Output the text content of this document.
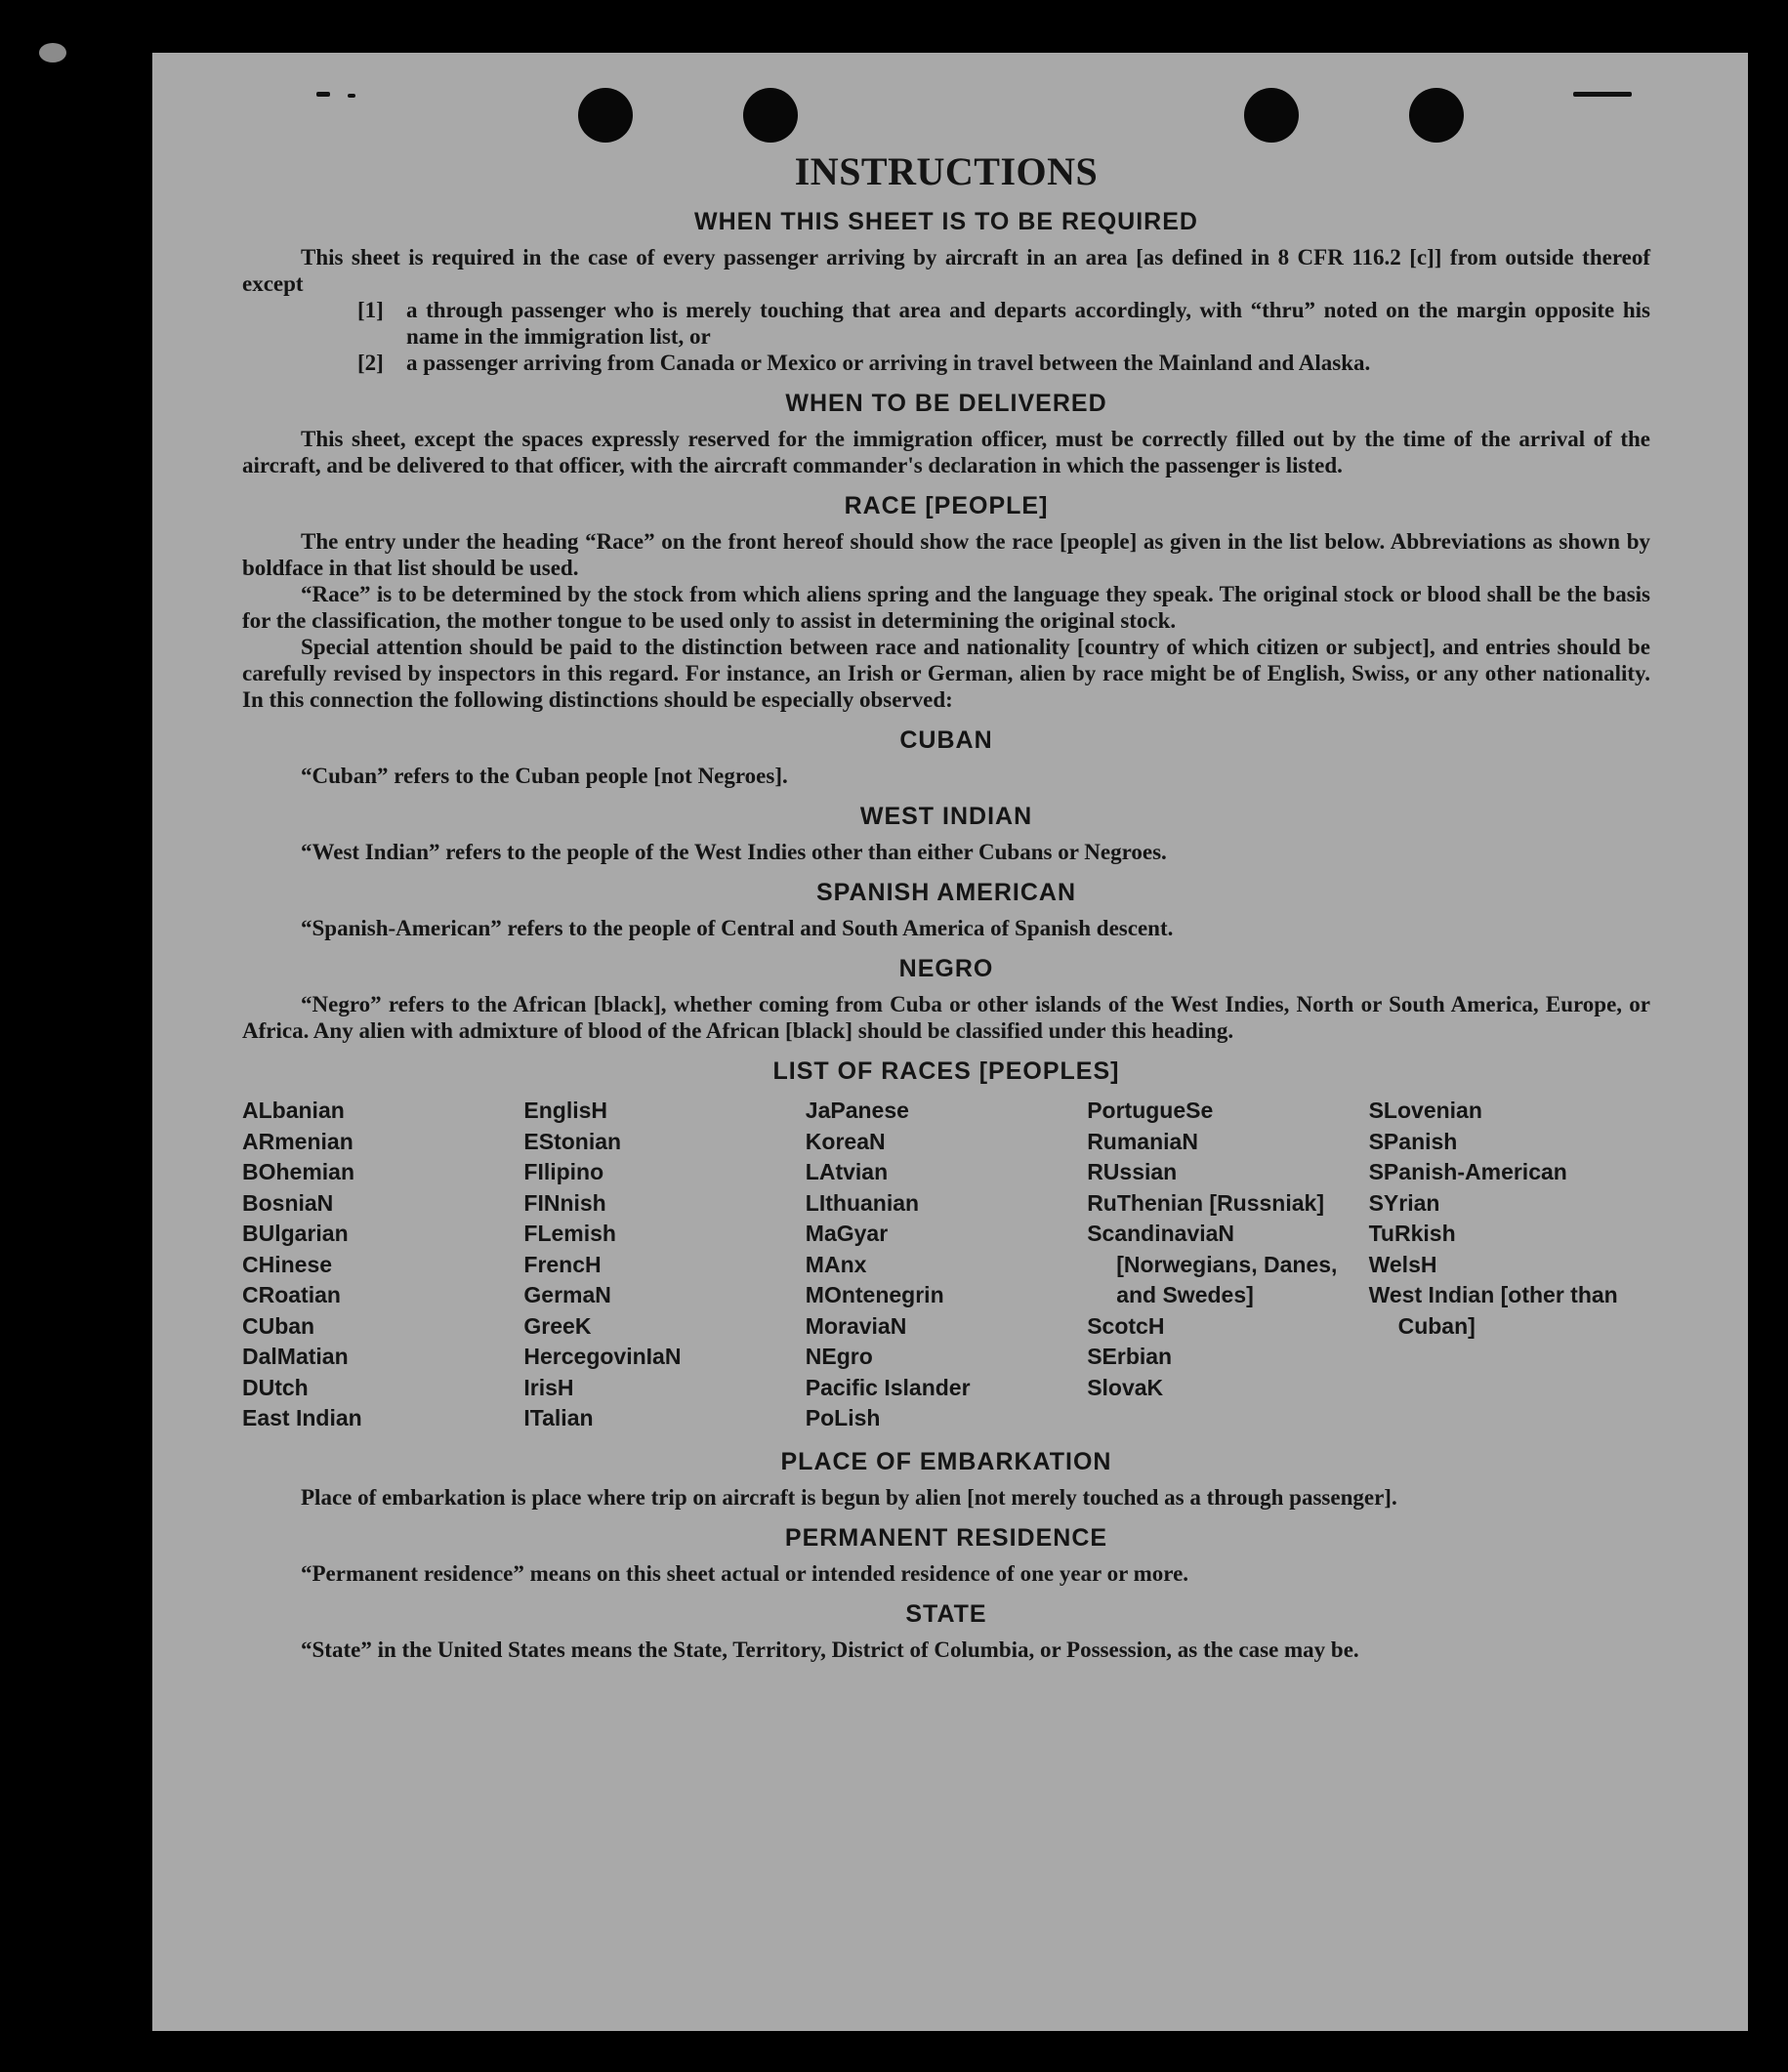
INSTRUCTIONS
WHEN THIS SHEET IS TO BE REQUIRED

This sheet is required in the case of every passenger arriving by aircraft in an area [as defined in 8 CFR 116.2 [c]] from outside thereof except

[1]	a through passenger who is merely touching that area and departs accordingly, with “thru” noted on the margin opposite his name in the immigration list, or
[2]	a passenger arriving from Canada or Mexico or arriving in travel between the Mainland and Alaska.
WHEN TO BE DELIVERED

This sheet, except the spaces expressly reserved for the immigration officer, must be correctly filled out by the time of the arrival of the aircraft, and be delivered to that officer, with the aircraft commander's declaration in which the passenger is listed.

RACE [PEOPLE]

The entry under the heading “Race” on the front hereof should show the race [people] as given in the list below. Abbreviations as shown by boldface in that list should be used.

“Race” is to be determined by the stock from which aliens spring and the language they speak. The original stock or blood shall be the basis for the classification, the mother tongue to be used only to assist in determining the original stock.

Special attention should be paid to the distinction between race and nationality [country of which citizen or subject], and entries should be carefully revised by inspectors in this regard. For instance, an Irish or German, alien by race might be of English, Swiss, or any other nationality. In this connection the following distinctions should be especially observed:

CUBAN

“Cuban” refers to the Cuban people [not Negroes].

WEST INDIAN

“West Indian” refers to the people of the West Indies other than either Cubans or Negroes.

SPANISH AMERICAN

“Spanish-American” refers to the people of Central and South America of Spanish descent.

NEGRO

“Negro” refers to the African [black], whether coming from Cuba or other islands of the West Indies, North or South America, Europe, or Africa. Any alien with admixture of blood of the African [black] should be classified under this heading.

LIST OF RACES [PEOPLES]
ALbanian
ARmenian
BOhemian
BosniaN
BUlgarian
CHinese
CRoatian
CUban
DalMatian
DUtch
East Indian
EnglisH
EStonian
FIlipino
FINnish
FLemish
FrencH
GermaN
GreeK
HercegovinIaN
IrisH
ITalian
JaPanese
KoreaN
LAtvian
LIthuanian
MaGyar
MAnx
MOntenegrin
MoraviaN
NEgro
Pacific Islander
PoLish
PortugueSe
RumaniaN
RUssian
RuThenian [Russniak]
ScandinaviaN [Norwegians, Danes, and Swedes]
ScotcH
SErbian
SlovaK
SLovenian
SPanish
SPanish-American
SYrian
TuRkish
WelsH
West Indian [other than Cuban]
PLACE OF EMBARKATION

Place of embarkation is place where trip on aircraft is begun by alien [not merely touched as a through passenger].

PERMANENT RESIDENCE

“Permanent residence” means on this sheet actual or intended residence of one year or more.

STATE

“State” in the United States means the State, Territory, District of Columbia, or Possession, as the case may be.
